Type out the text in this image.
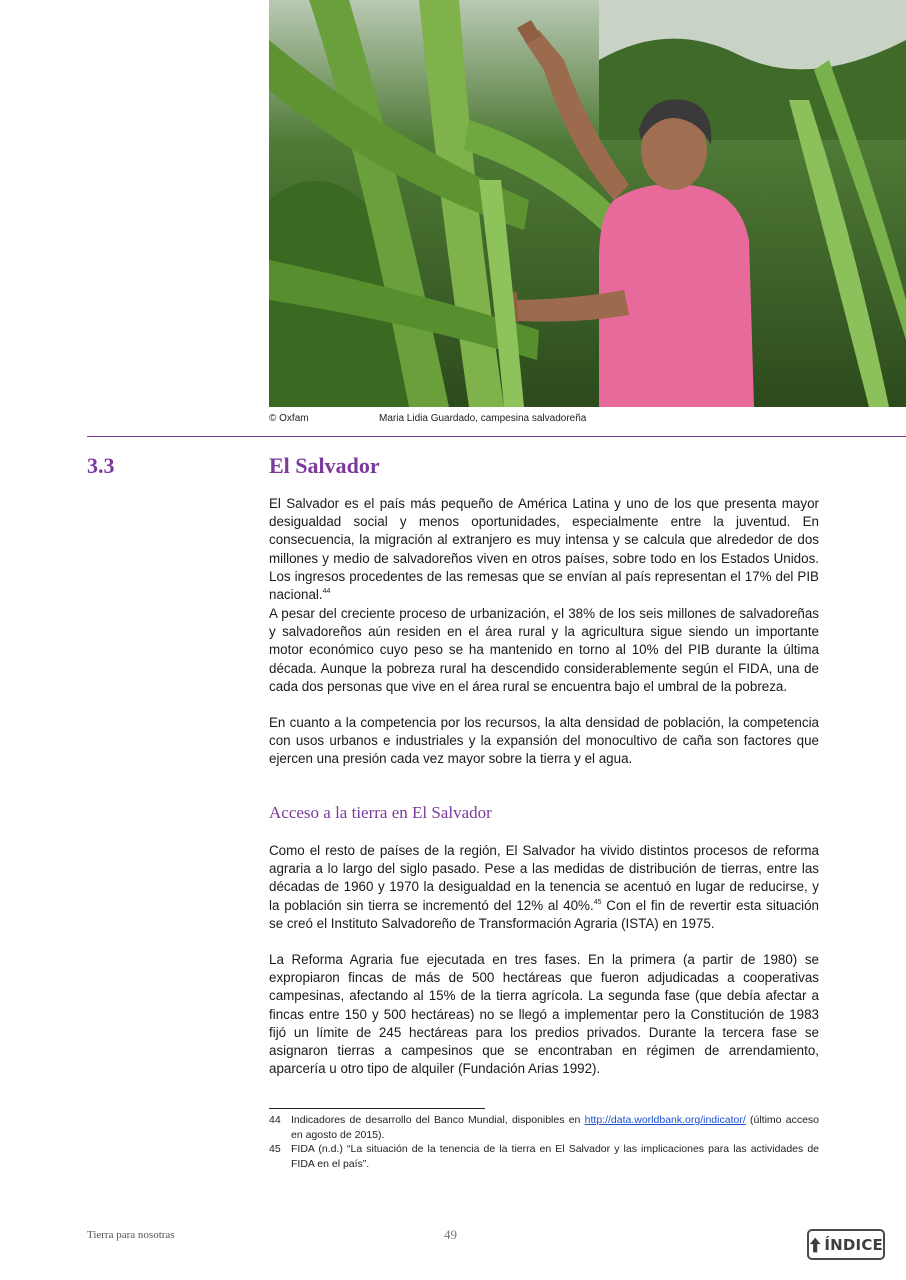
© Oxfam	Maria Lidia Guardado, campesina salvadoreña
3.3	El Salvador

El Salvador es el país más pequeño de América Latina y uno de los que presenta mayor desigualdad social y menos oportunidades, especialmente entre la juventud. En consecuencia, la migración al extranjero es muy intensa y se calcula que alrededor de dos millones y medio de salvadoreños viven en otros países, sobre todo en los Estados Unidos. Los ingresos procedentes de las remesas que se envían al país representan el 17% del PIB nacional.$^{44}$

A pesar del creciente proceso de urbanización, el 38% de los seis millones de salvadoreñas y salvadoreños aún residen en el área rural y la agricultura sigue siendo un importante motor económico cuyo peso se ha mantenido en torno al 10% del PIB durante la última década. Aunque la pobreza rural ha descendido considerablemente según el FIDA, una de cada dos personas que vive en el área rural se encuentra bajo el umbral de la pobreza.

En cuanto a la competencia por los recursos, la alta densidad de población, la competencia con usos urbanos e industriales y la expansión del monocultivo de caña son factores que ejercen una presión cada vez mayor sobre la tierra y el agua.

Acceso a la tierra en El Salvador

Como el resto de países de la región, El Salvador ha vivido distintos procesos de reforma agraria a lo largo del siglo pasado. Pese a las medidas de distribución de tierras, entre las décadas de 1960 y 1970 la desigualdad en la tenencia se acentuó en lugar de reducirse, y la población sin tierra se incrementó del 12% al 40%.$^{45}$ Con el fin de revertir esta situación se creó el Instituto Salvadoreño de Transformación Agraria (ISTA) en 1975.

La Reforma Agraria fue ejecutada en tres fases. En la primera (a partir de 1980) se expropiaron fincas de más de 500 hectáreas que fueron adjudicadas a cooperativas campesinas, afectando al 15% de la tierra agrícola. La segunda fase (que debía afectar a fincas entre 150 y 500 hectáreas) no se llegó a implementar pero la Constitución de 1983 fijó un límite de 245 hectáreas para los predios privados. Durante la tercera fase se asignaron tierras a campesinos que se encontraban en régimen de arrendamiento, aparcería u otro tipo de alquiler (Fundación Arias 1992).

44 Indicadores de desarrollo del Banco Mundial, disponibles en http://data.worldbank.org/indicator/ (último acceso en agosto de 2015).
45 FIDA (n.d.) “La situación de la tenencia de la tierra en El Salvador y las implicaciones para las actividades de FIDA en el país”.
Tierra para nosotras	49
ÍNDICE
